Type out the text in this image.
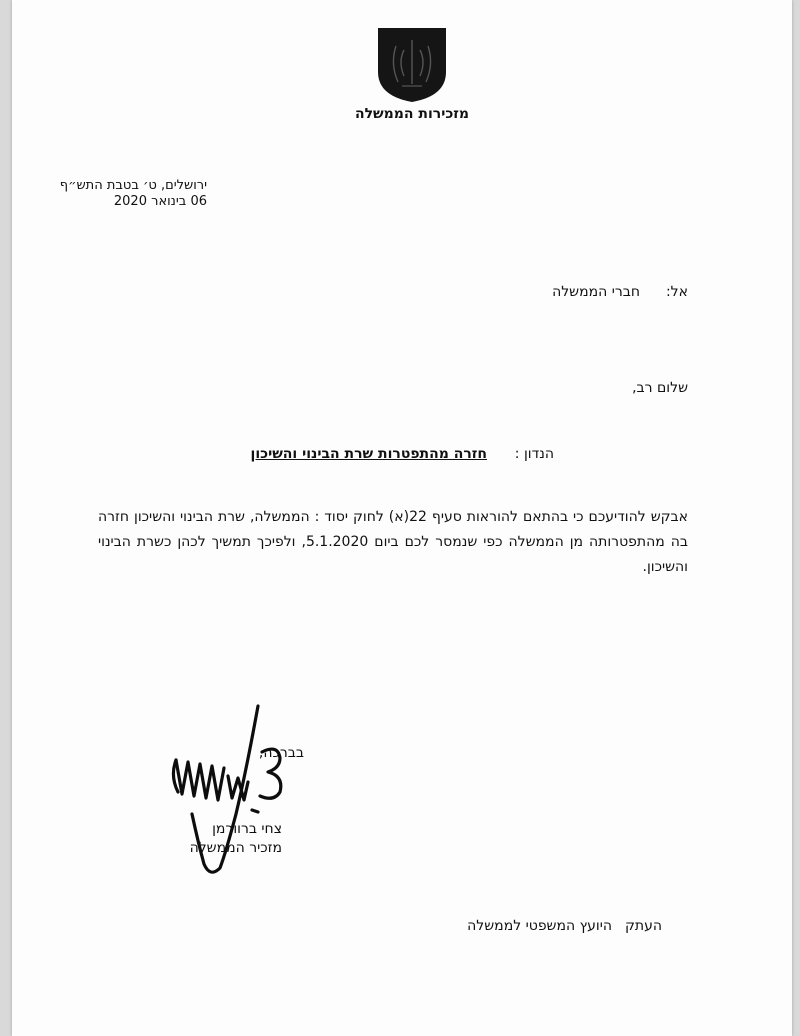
מזכירות הממשלה
ירושלים, ט׳ בטבת התש״ף
06 בינואר 2020
אל:
חברי הממשלה
שלום רב,
הנדון :
חזרה מהתפטרות שרת הבינוי והשיכון
אבקש להודיעכם כי בהתאם להוראות סעיף 22(א) לחוק יסוד : הממשלה, שרת הבינוי והשיכון חזרה בה מהתפטרותה מן הממשלה כפי שנמסר לכם ביום 5.1.2020, ולפיכך תמשיך לכהן כשרת הבינוי והשיכון.
בברכה,
צחי ברוורמן
מזכיר הממשלה
העתק
היועץ המשפטי לממשלה
